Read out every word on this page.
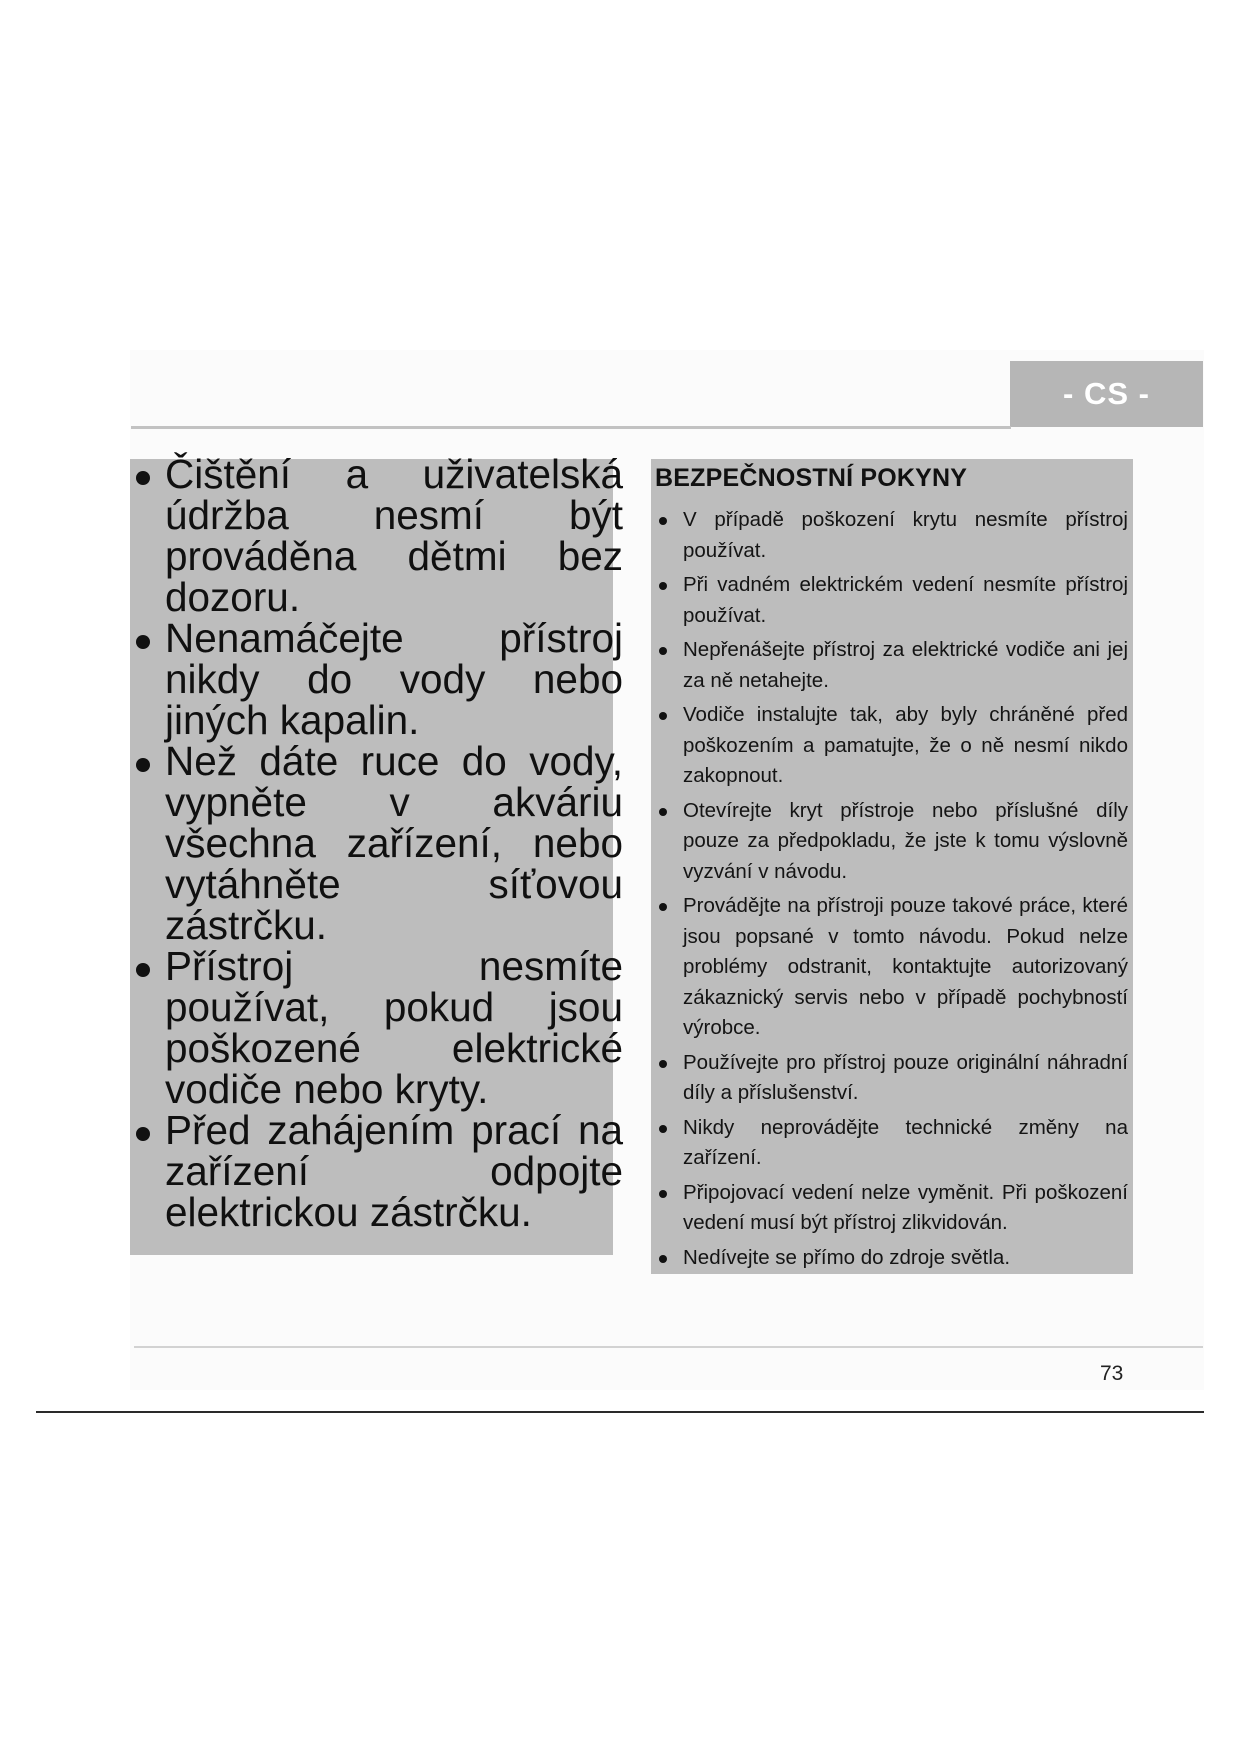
- CS -
Čištění a uživatelská údržba nesmí být prováděna dětmi bez dozoru.
Nenamáčejte přístroj nikdy do vody nebo jiných kapalin.
Než dáte ruce do vody, vypněte v akváriu všechna zařízení, nebo vytáhněte síťovou zástrčku.
Přístroj nesmíte používat, pokud jsou poškozené elektrické vodiče nebo kryty.
Před zahájením prací na zařízení odpojte elektrickou zástrčku.
BEZPEČNOSTNÍ POKYNY
V případě poškození krytu nesmíte přístroj používat.
Při vadném elektrickém vedení nesmíte přístroj používat.
Nepřenášejte přístroj za elektrické vodiče ani jej za ně netahejte.
Vodiče instalujte tak, aby byly chráněné před poškozením a pamatujte, že o ně nesmí nikdo zakopnout.
Otevírejte kryt přístroje nebo příslušné díly pouze za předpokladu, že jste k tomu výslovně vyzvání v návodu.
Provádějte na přístroji pouze takové práce, které jsou popsané v tomto návodu. Pokud nelze problémy odstranit, kontaktujte autorizovaný zákaznický servis nebo v případě pochybností výrobce.
Používejte pro přístroj pouze originální náhradní díly a příslušenství.
Nikdy neprovádějte technické změny na zařízení.
Připojovací vedení nelze vyměnit. Při poškození vedení musí být přístroj zlikvidován.
Nedívejte se přímo do zdroje světla.
73
